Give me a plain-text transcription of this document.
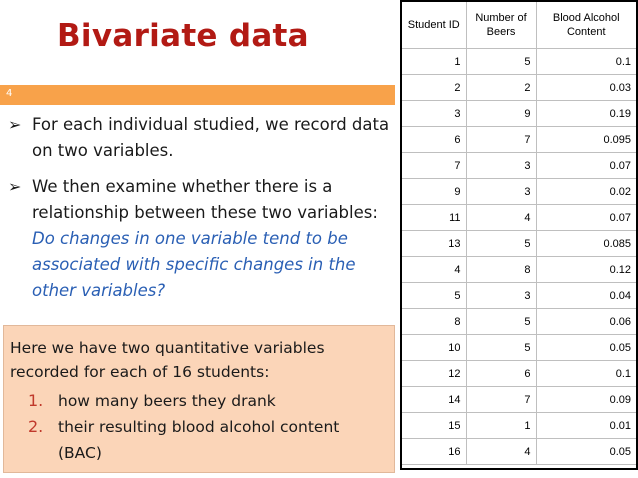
Bivariate data
4
➢ For each individual studied, we record data on two variables.
➢ We then examine whether there is a relationship between these two variables: Do changes in one variable tend to be associated with specific changes in the other variables?

Here we have two quantitative variables recorded for each of 16 students:

1. how many beers they drank
2. their resulting blood alcohol content (BAC)
Student ID	Number of Beers	Blood Alcohol Content
1	5	0.1
2	2	0.03
3	9	0.19
6	7	0.095
7	3	0.07
9	3	0.02
11	4	0.07
13	5	0.085
4	8	0.12
5	3	0.04
8	5	0.06
10	5	0.05
12	6	0.1
14	7	0.09
15	1	0.01
16	4	0.05
